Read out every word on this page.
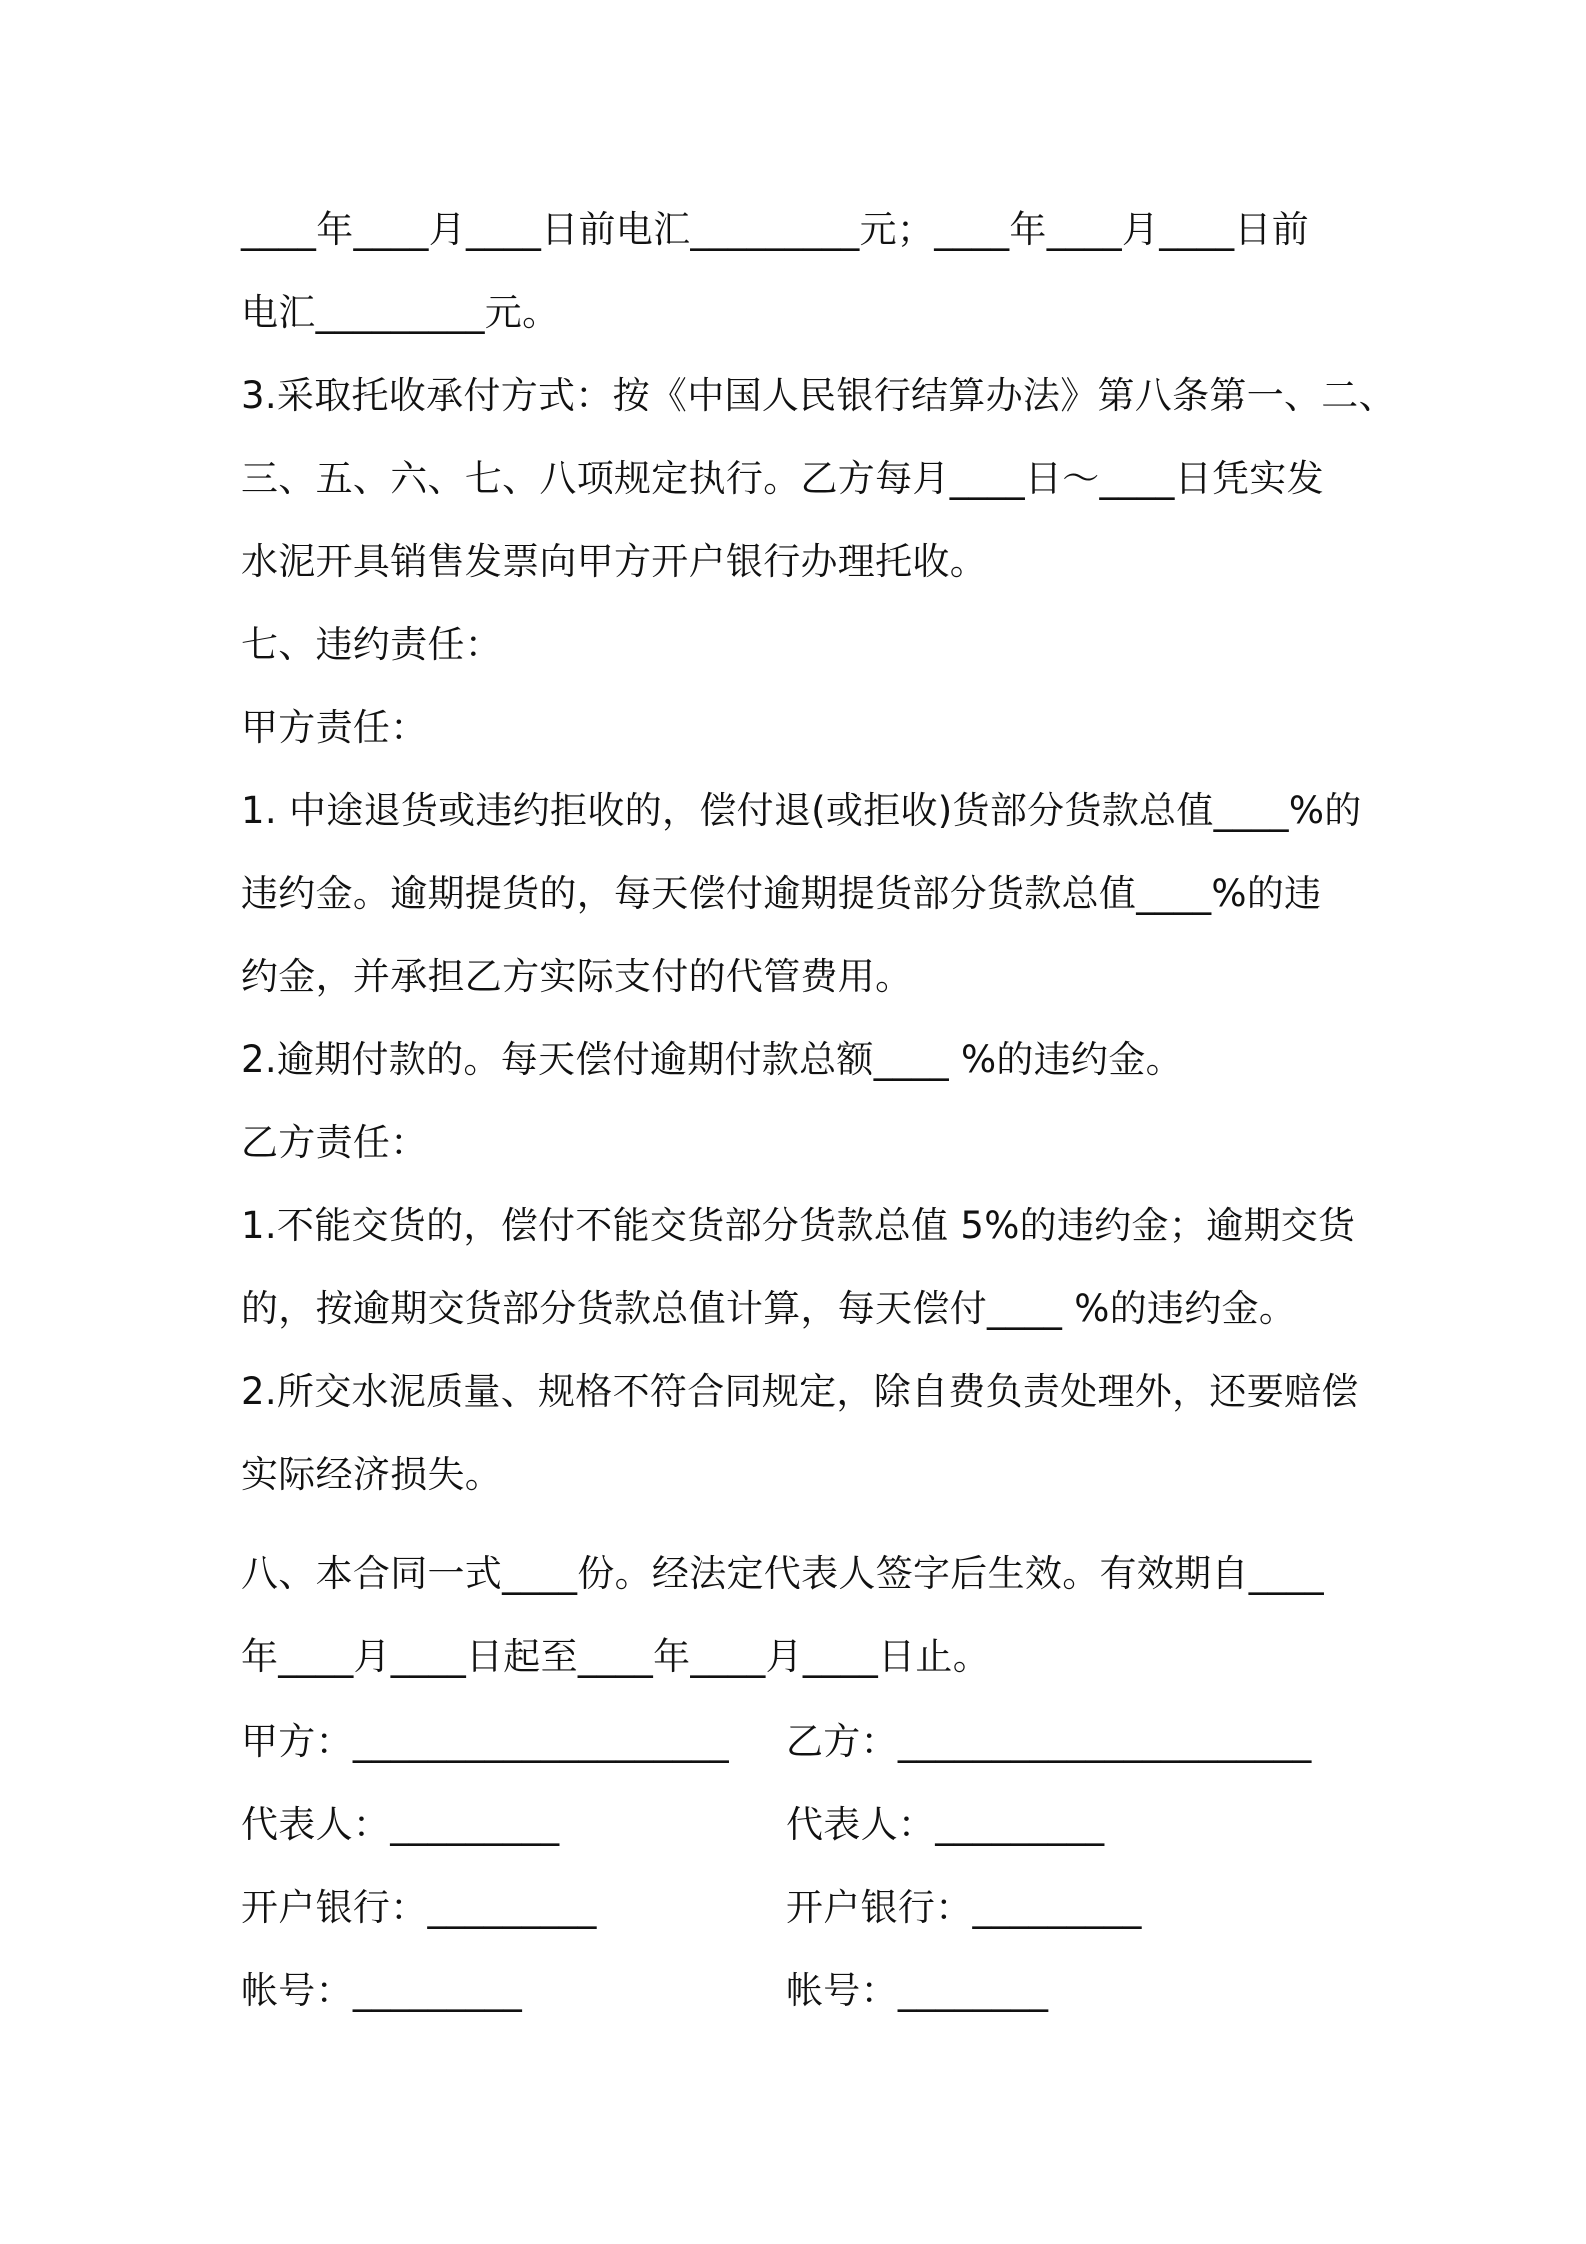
____年____月____日前电汇_________元；____年____月____日前
电汇_________元。
3.采取托收承付方式：按《中国人民银行结算办法》第八条第一、二、
三、五、六、七、八项规定执行。乙方每月____日～____日凭实发
水泥开具销售发票向甲方开户银行办理托收。
七、违约责任：
甲方责任：
1. 中途退货或违约拒收的，偿付退(或拒收)货部分货款总值____%的
违约金。逾期提货的，每天偿付逾期提货部分货款总值____%的违
约金，并承担乙方实际支付的代管费用。
2.逾期付款的。每天偿付逾期付款总额____ %的违约金。
乙方责任：
1.不能交货的，偿付不能交货部分货款总值 5%的违约金；逾期交货
的，按逾期交货部分货款总值计算，每天偿付____ %的违约金。
2.所交水泥质量、规格不符合同规定，除自费负责处理外，还要赔偿
实际经济损失。
八、本合同一式____份。经法定代表人签字后生效。有效期自____
年____月____日起至____年____月____日止。
甲方：____________________
代表人：_________
开户银行：_________
帐号：_________
乙方：______________________
代表人：_________
开户银行：_________
帐号：________
